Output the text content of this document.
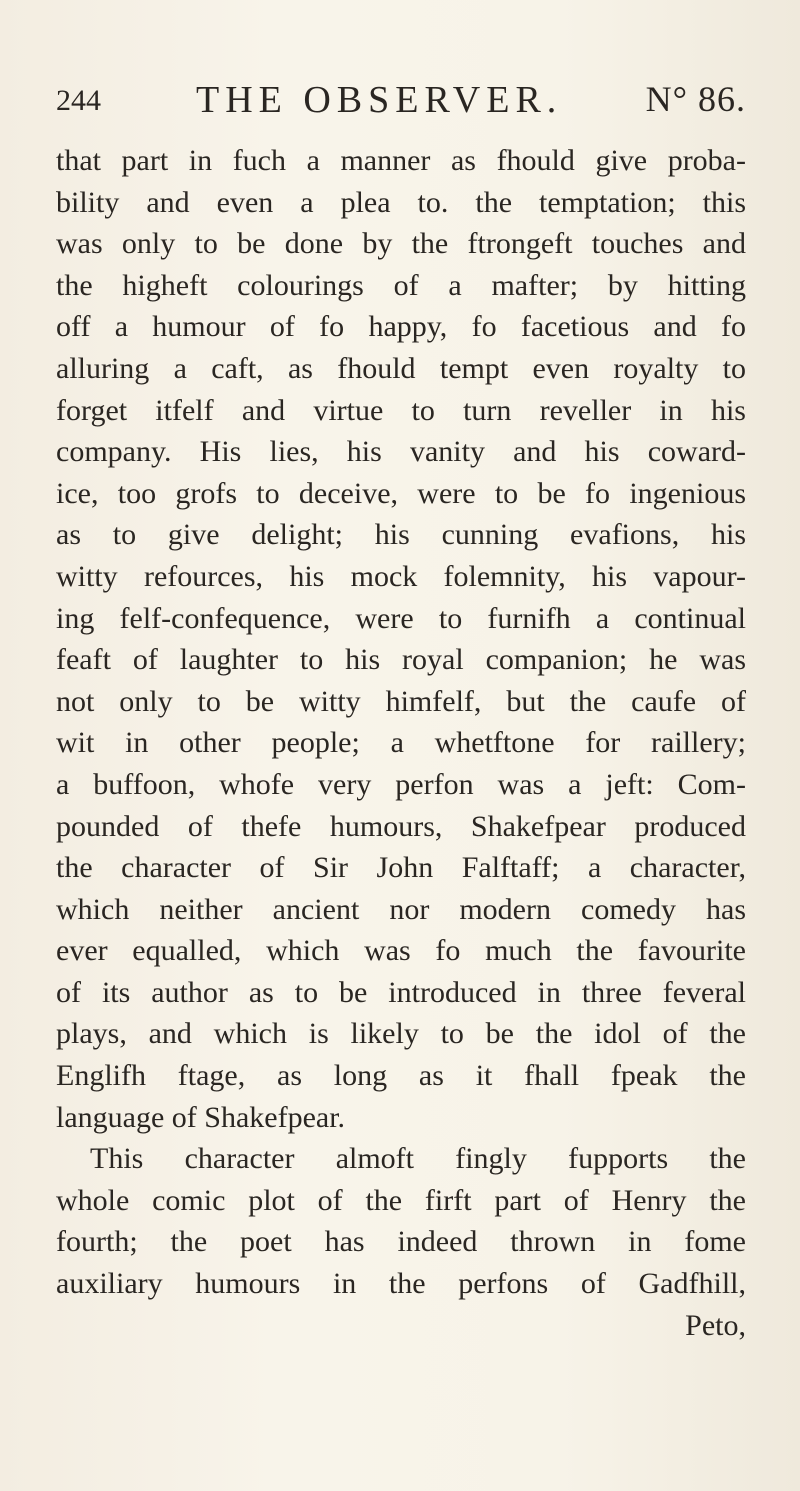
244	THE OBSERVER. N° 86.
that part in fuch a manner as fhould give proba-
bility and even a plea to. the temptation; this
was only to be done by the ftrongeft touches and
the higheft colourings of a mafter; by hitting
off a humour of fo happy, fo facetious and fo
alluring a caft, as fhould tempt even royalty to
forget itfelf and virtue to turn reveller in his
company. His lies, his vanity and his coward-
ice, too grofs to deceive, were to be fo ingenious
as to give delight; his cunning evafions, his
witty refources, his mock folemnity, his vapour-
ing felf-confequence, were to furnifh a continual
feaft of laughter to his royal companion; he was
not only to be witty himfelf, but the caufe of
wit in other people; a whetftone for raillery;
a buffoon, whofe very perfon was a jeft: Com-
pounded of thefe humours, Shakefpear produced
the character of Sir John Falftaff; a character,
which neither ancient nor modern comedy has
ever equalled, which was fo much the favourite
of its author as to be introduced in three feveral
plays, and which is likely to be the idol of the
Englifh ftage, as long as it fhall fpeak the
language of Shakefpear.
This character almoft fingly fupports the
whole comic plot of the firft part of Henry the
fourth; the poet has indeed thrown in fome
auxiliary humours in the perfons of Gadfhill,
Peto,
